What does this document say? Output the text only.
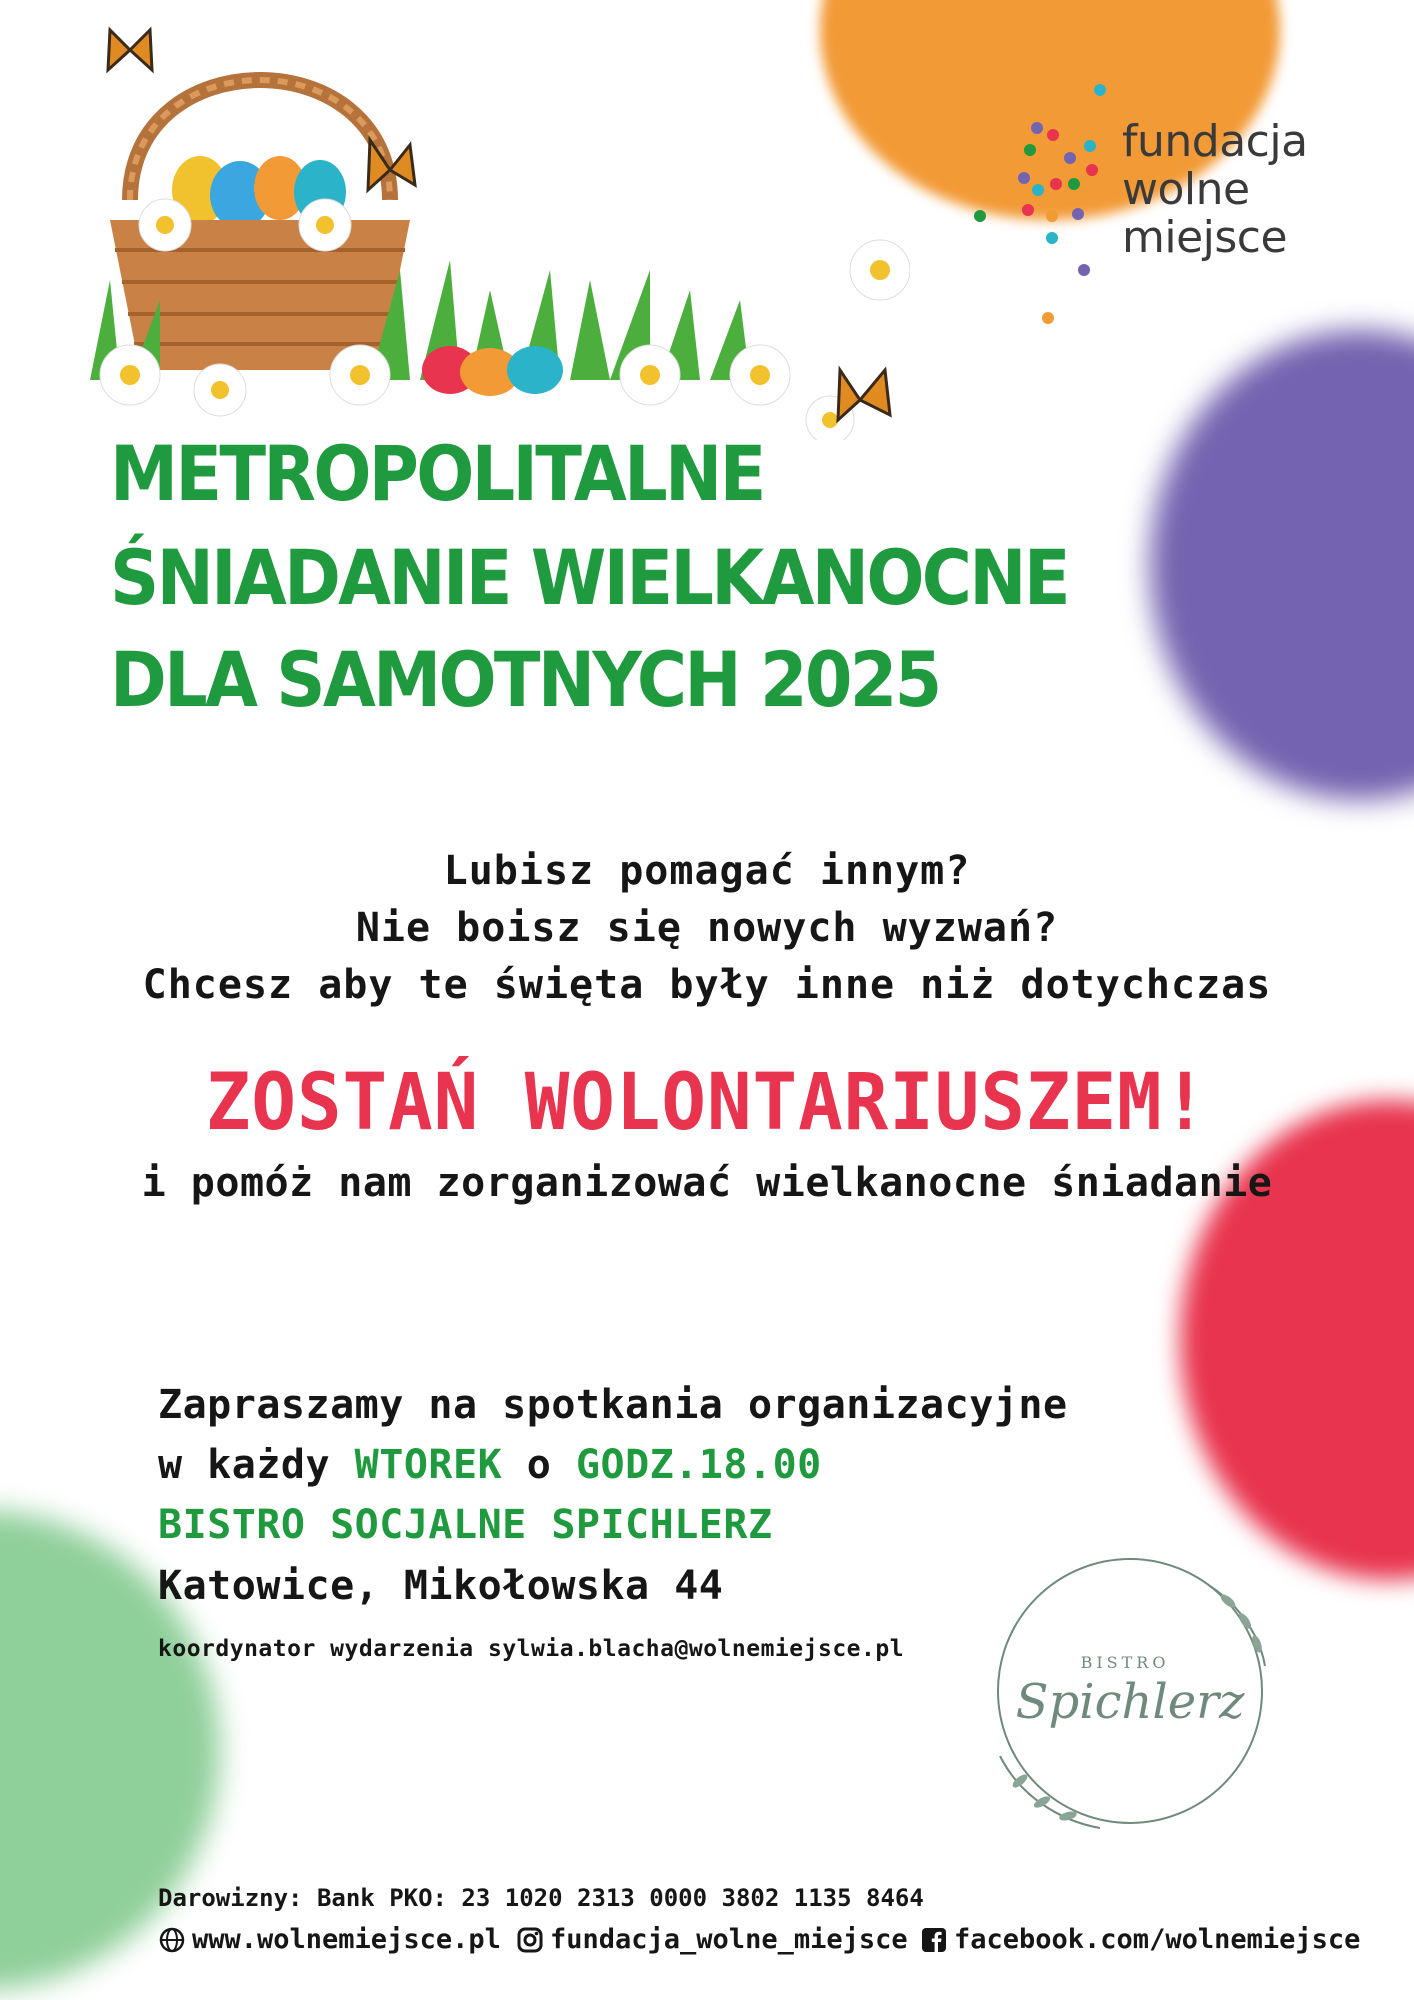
fundacja
wolne
miejsce
METROPOLITALNE
ŚNIADANIE WIELKANOCNE
DLA SAMOTNYCH 2025
Lubisz pomagać innym?
Nie boisz się nowych wyzwań?
Chcesz aby te święta były inne niż dotychczas
ZOSTAŃ WOLONTARIUSZEM!
i pomóż nam zorganizować wielkanocne śniadanie
Zapraszamy na spotkania organizacyjne
w każdy WTOREK o GODZ.18.00
BISTRO SOCJALNE SPICHLERZ
Katowice, Mikołowska 44
koordynator wydarzenia sylwia.blacha@wolnemiejsce.pl
BISTRO
Spichlerz
Darowizny: Bank PKO: 23 1020 2313 0000 3802 1135 8464
www.wolnemiejsce.pl fundacja_wolne_miejsce facebook.com/wolnemiejsce
